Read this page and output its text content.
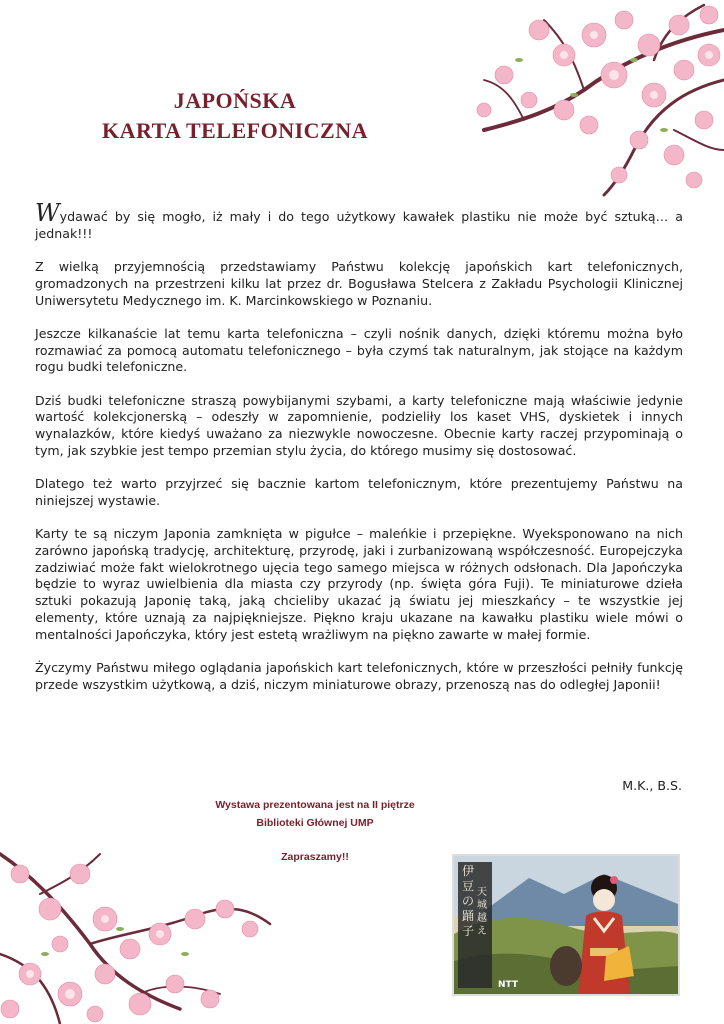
JAPOŃSKA
KARTA TELEFONICZNA

Wydawać by się mogło, iż mały i do tego użytkowy kawałek plastiku nie może być sztuką… a jednak!!!

Z wielką przyjemnością przedstawiamy Państwu kolekcję japońskich kart telefonicznych, gromadzonych na przestrzeni kilku lat przez dr. Bogusława Stelcera z Zakładu Psychologii Klinicznej Uniwersytetu Medycznego im. K. Marcinkowskiego w Poznaniu.

Jeszcze kilkanaście lat temu karta telefoniczna – czyli nośnik danych, dzięki któremu można było rozmawiać za pomocą automatu telefonicznego – była czymś tak naturalnym, jak stojące na każdym rogu budki telefoniczne.

Dziś budki telefoniczne straszą powybijanymi szybami, a karty telefoniczne mają właściwie jedynie wartość kolekcjonerską – odeszły w zapomnienie, podzieliły los kaset VHS, dyskietek i innych wynalazków, które kiedyś uważano za niezwykle nowoczesne. Obecnie karty raczej przypominają o tym, jak szybkie jest tempo przemian stylu życia, do którego musimy się dostosować.

Dlatego też warto przyjrzeć się bacznie kartom telefonicznym, które prezentujemy Państwu na niniejszej wystawie.

Karty te są niczym Japonia zamknięta w pigułce – maleńkie i przepiękne. Wyeksponowano na nich zarówno japońską tradycję, architekturę, przyrodę, jaki i zurbanizowaną współczesność. Europejczyka zadziwiać może fakt wielokrotnego ujęcia tego samego miejsca w różnych odsłonach. Dla Japończyka będzie to wyraz uwielbienia dla miasta czy przyrody (np. święta góra Fuji). Te miniaturowe dzieła sztuki pokazują Japonię taką, jaką chcieliby ukazać ją światu jej mieszkańcy – te wszystkie jej elementy, które uznają za najpiękniejsze. Piękno kraju ukazane na kawałku plastiku wiele mówi o mentalności Japończyka, który jest estetą wrażliwym na piękno zawarte w małej formie.

Życzymy Państwu miłego oglądania japońskich kart telefonicznych, które w przeszłości pełniły funkcję przede wszystkim użytkową, a dziś, niczym miniaturowe obrazy, przenoszą nas do odległej Japonii!

M.K., B.S.
Wystawa prezentowana jest na II piętrze
Biblioteki Głównej UMP
Zapraszamy!!
伊豆の踊子
天城越え
NTT
